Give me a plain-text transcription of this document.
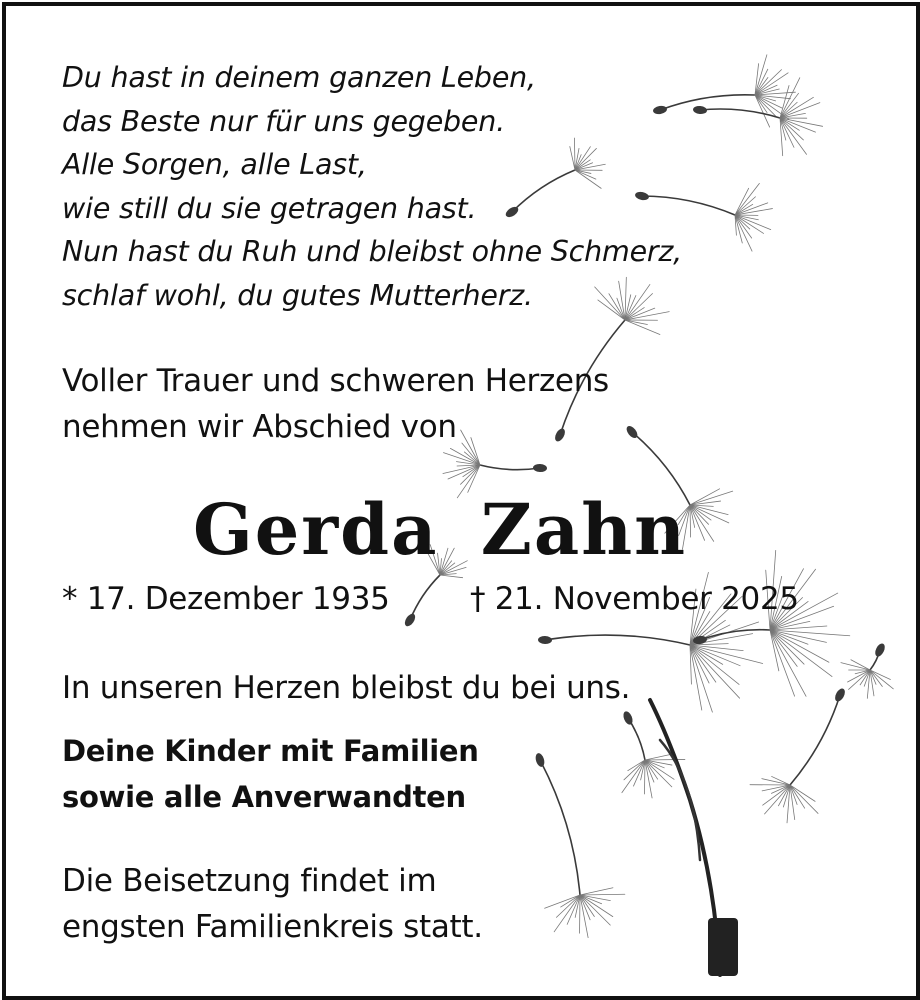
Du hast in deinem ganzen Leben,
das Beste nur für uns gegeben.
Alle Sorgen, alle Last,
wie still du sie getragen hast.
Nun hast du Ruh und bleibst ohne Schmerz,
schlaf wohl, du gutes Mutterherz.
Voller Trauer und schweren Herzens
nehmen wir Abschied von
Gerda Zahn
* 17. Dezember 1935	† 21. November 2025
In unseren Herzen bleibst du bei uns.
Deine Kinder mit Familien
sowie alle Anverwandten
Die Beisetzung findet im
engsten Familienkreis statt.
